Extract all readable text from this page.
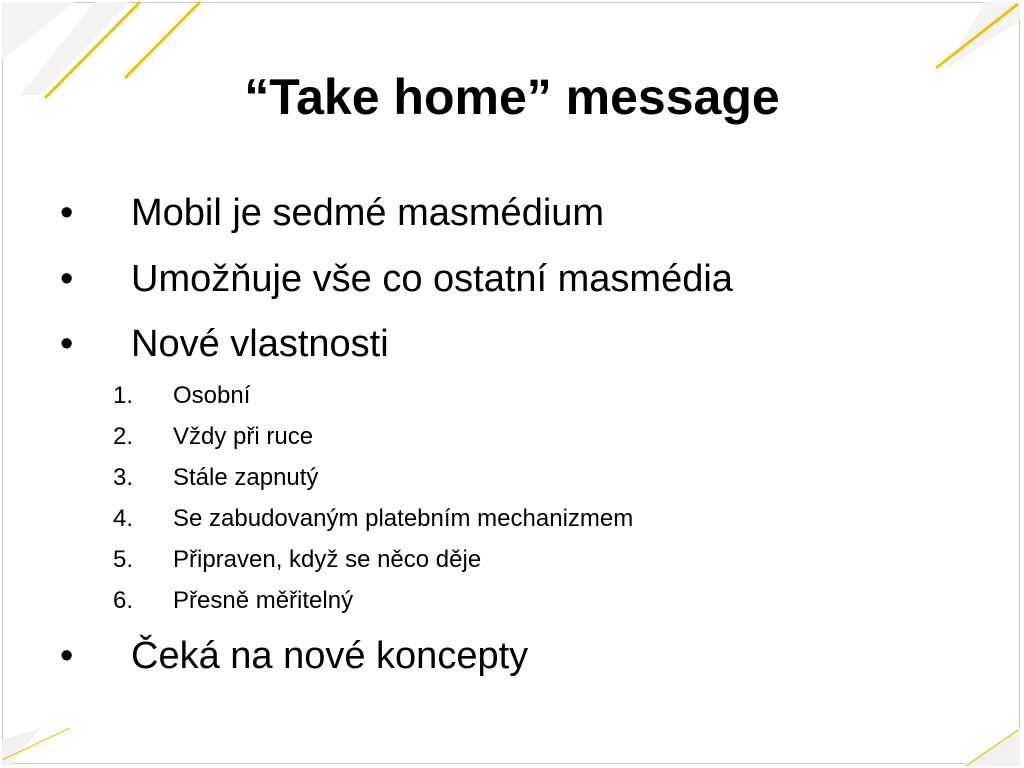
“Take home” message
• Mobil je sedmé masmédium
• Umožňuje vše co ostatní masmédia
• Nové vlastnosti
1. Osobní
2. Vždy při ruce
3. Stále zapnutý
4. Se zabudovaným platebním mechanizmem
5. Připraven, když se něco děje
6. Přesně měřitelný
• Čeká na nové koncepty
